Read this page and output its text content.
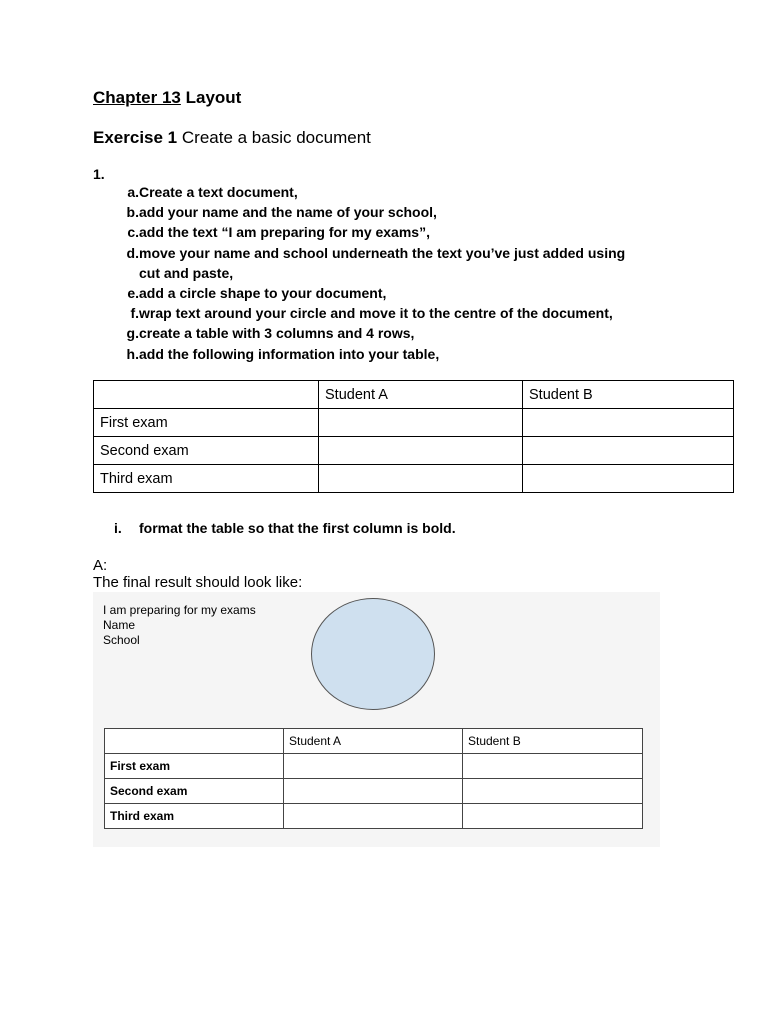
Chapter 13 Layout
Exercise 1 Create a basic document
1.
a. Create a text document,
b. add your name and the name of your school,
c. add the text “I am preparing for my exams”,
d. move your name and school underneath the text you’ve just added using cut and paste,
e. add a circle shape to your document,
f. wrap text around your circle and move it to the centre of the document,
g. create a table with 3 columns and 4 rows,
h. add the following information into your table,
	Student A	Student B
First exam		
Second exam		
Third exam		
i.	format the table so that the first column is bold.
A:
The final result should look like:
I am preparing for my exams
Name
School
	Student A	Student B
First exam		
Second exam		
Third exam		
